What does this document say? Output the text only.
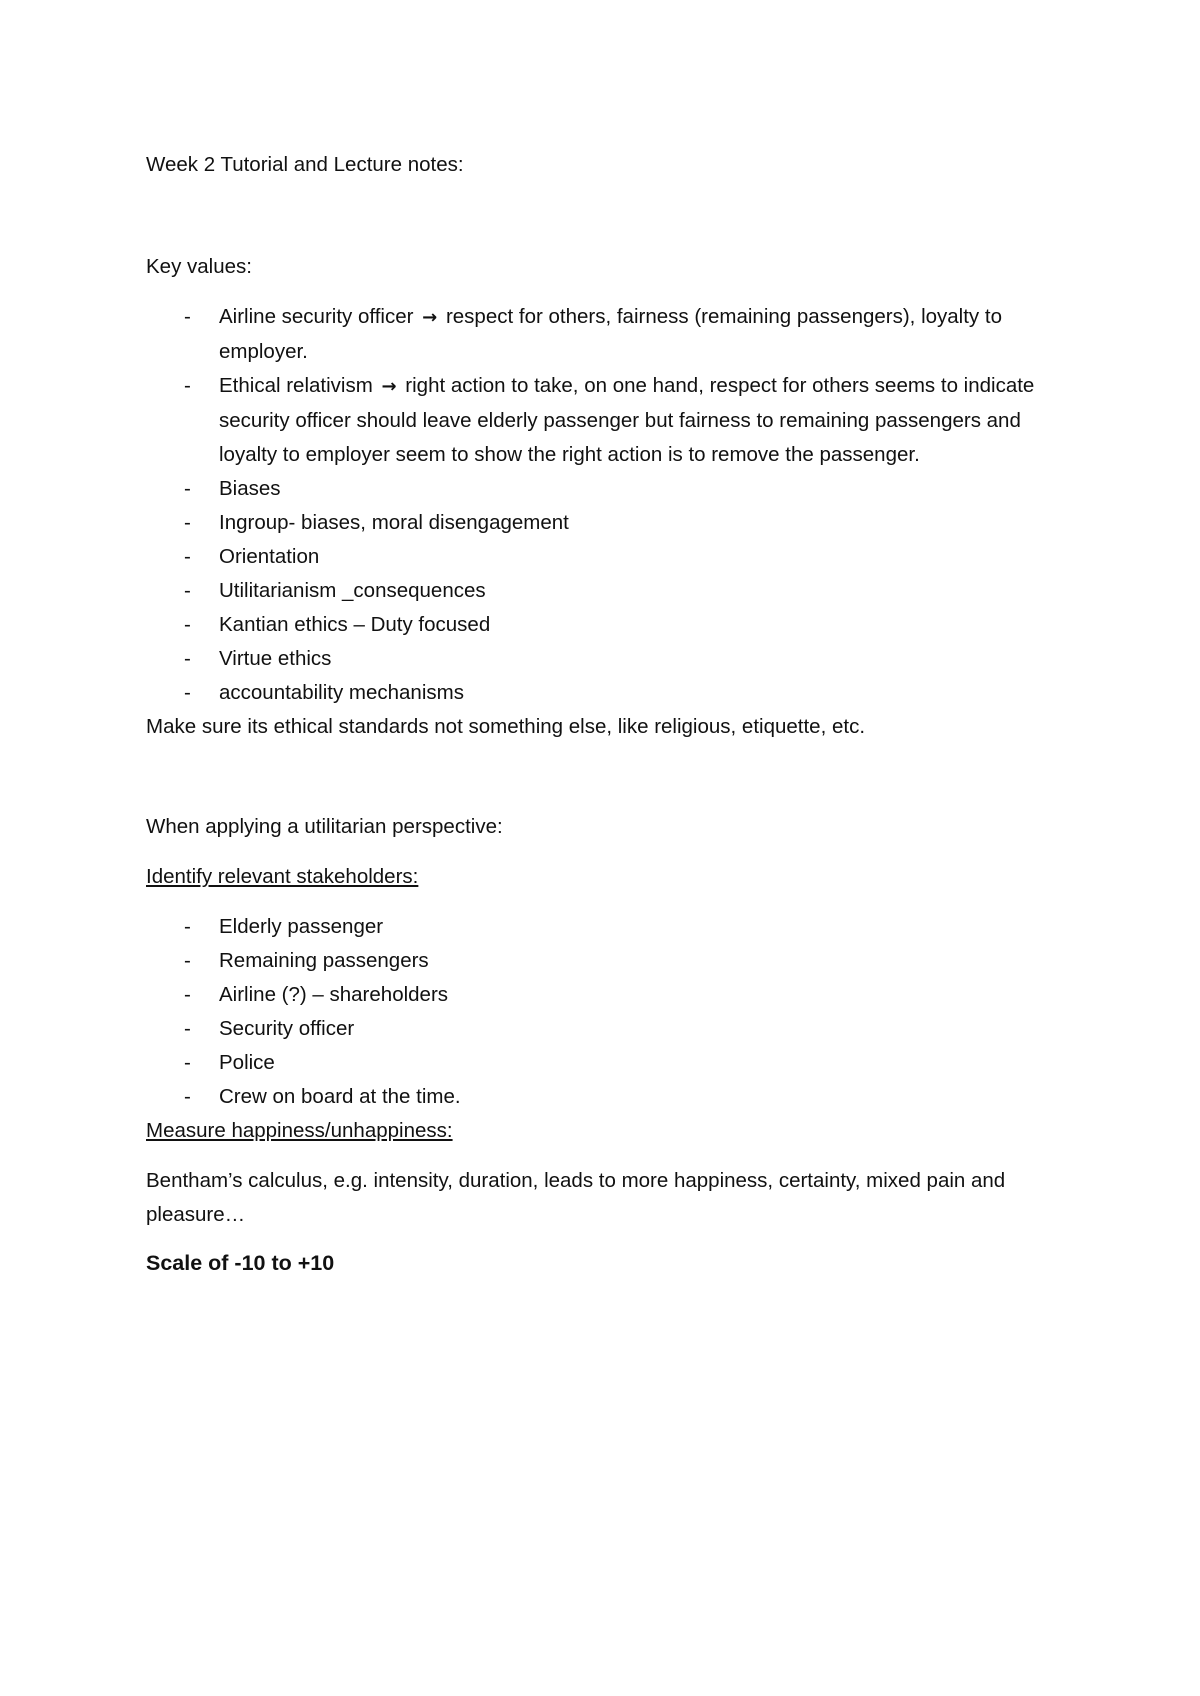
Week 2 Tutorial and Lecture notes:

Key values:

- Airline security officer → respect for others, fairness (remaining passengers), loyalty to employer.
- Ethical relativism → right action to take, on one hand, respect for others seems to indicate security officer should leave elderly passenger but fairness to remaining passengers and loyalty to employer seem to show the right action is to remove the passenger.
- Biases
- Ingroup- biases, moral disengagement
- Orientation
- Utilitarianism _consequences
- Kantian ethics – Duty focused
- Virtue ethics
- accountability mechanisms

Make sure its ethical standards not something else, like religious, etiquette, etc.

When applying a utilitarian perspective:

Identify relevant stakeholders:

- Elderly passenger
- Remaining passengers
- Airline (?) – shareholders
- Security officer
- Police
- Crew on board at the time.

Measure happiness/unhappiness:

Bentham’s calculus, e.g. intensity, duration, leads to more happiness, certainty, mixed pain and pleasure…

Scale of -10 to +10
